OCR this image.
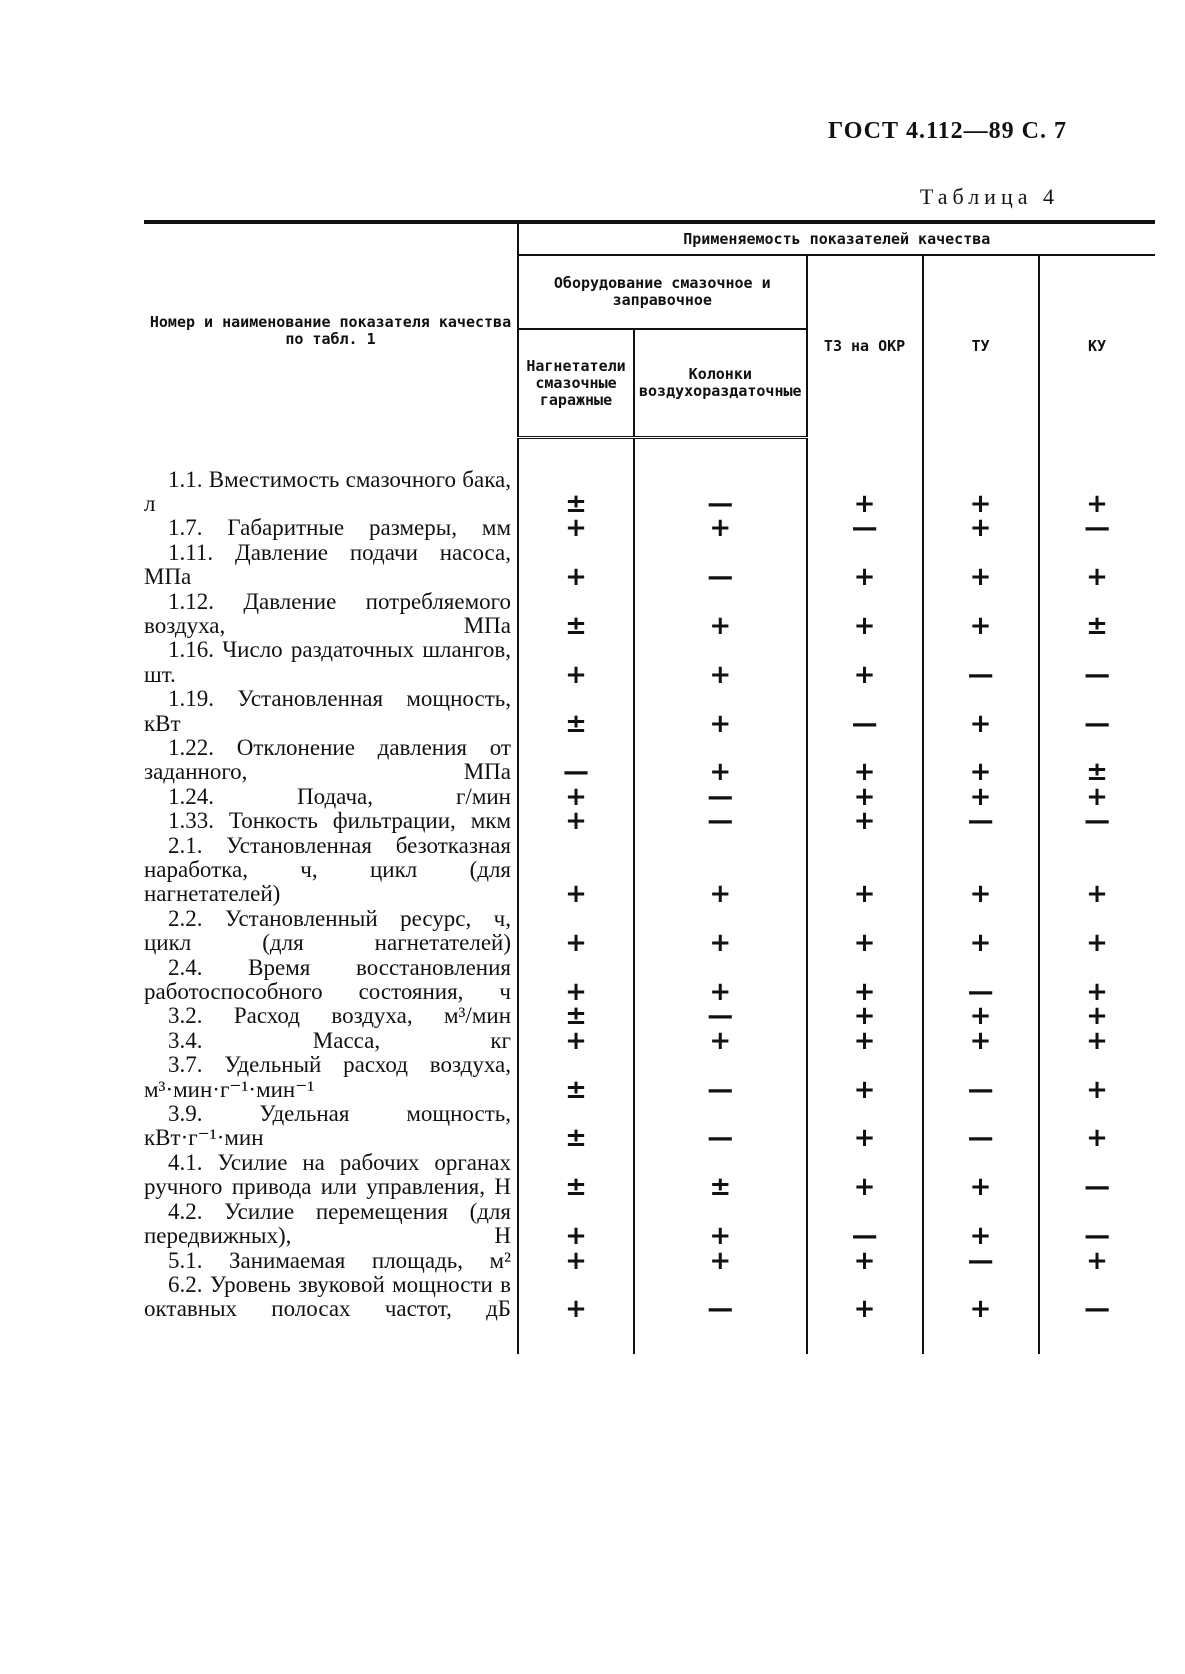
ГОСТ 4.112—89 С. 7
Таблица 4
Номер и наименование показателя качества по табл. 1	Применяемость показателей качества				
	Оборудование смазочное и заправочное		ТЗ на ОКР	ТУ	КУ
	Нагнетатели смазочные гаражные	Колонки воздухораздаточные			

1.1. Вместимость смазочного бака, л	±	—	+	+	+

1.7. Габаритные размеры, мм	+	+	—	+	—

1.11. Давление подачи насоса, МПа	+	—	+	+	+

1.12. Давление потребляемого воздуха, МПа	±	+	+	+	±

1.16. Число раздаточных шлангов, шт.	+	+	+	—	—

1.19. Установленная мощность, кВт	±	+	—	+	—

1.22. Отклонение давления от заданного, МПа	—	+	+	+	±

1.24. Подача, г/мин	+	—	+	+	+

1.33. Тонкость фильтрации, мкм	+	—	+	—	—

2.1. Установленная безотказная наработка, ч, цикл (для нагнетателей)	+	+	+	+	+

2.2. Установленный ресурс, ч, цикл (для нагнетателей)	+	+	+	+	+

2.4. Время восстановления работоспособного состояния, ч	+	+	+	—	+

3.2. Расход воздуха, м³/мин	±	—	+	+	+

3.4. Масса, кг	+	+	+	+	+

3.7. Удельный расход воздуха, м³·мин·г⁻¹·мин⁻¹	±	—	+	—	+

3.9. Удельная мощность, кВт·г⁻¹·мин	±	—	+	—	+

4.1. Усилие на рабочих органах ручного привода или управления, Н	±	±	+	+	—

4.2. Усилие перемещения (для передвижных), Н	+	+	—	+	—

5.1. Занимаемая площадь, м²	+	+	+	—	+

6.2. Уровень звуковой мощности в октавных полосах частот, дБ	+	—	+	+	—
